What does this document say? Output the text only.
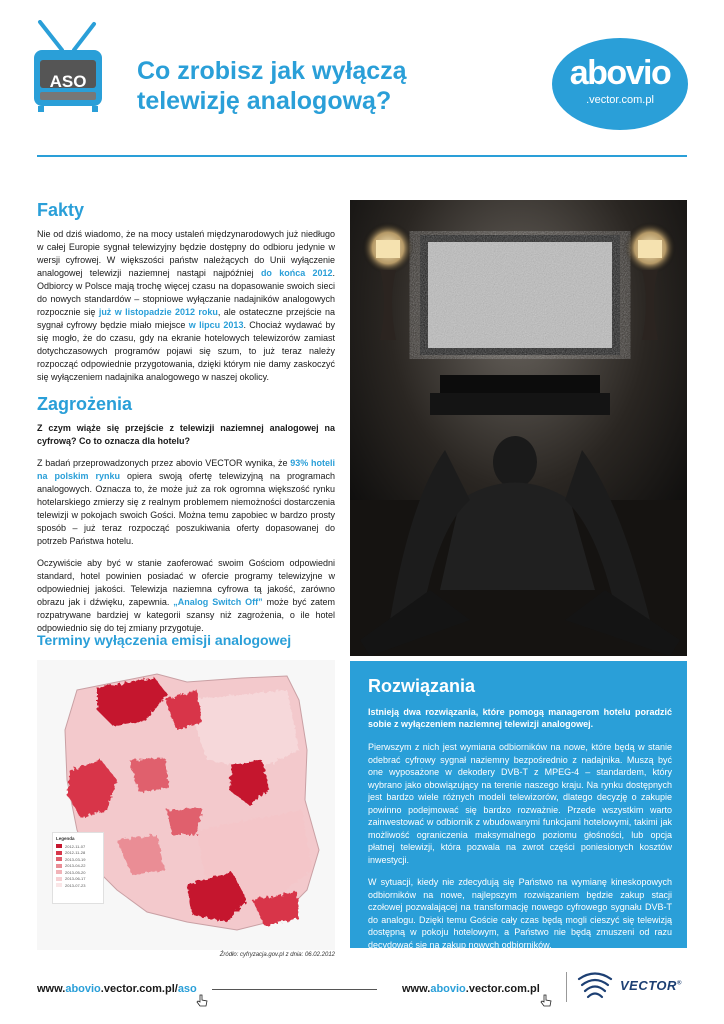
ASO	Co zrobisz jak wyłączą
telewizję analogową?
abovio
.vector.com.pl
Fakty

Nie od dziś wiadomo, że na mocy ustaleń międzynarodowych już niedługo w całej Europie sygnał telewizyjny będzie dostępny do odbioru jedynie w wersji cyfrowej. W większości państw należących do Unii wyłączenie analogowej telewizji naziemnej nastąpi najpóźniej do końca 2012. Odbiorcy w Polsce mają trochę więcej czasu na dopasowanie swoich sieci do nowych standardów – stopniowe wyłączanie nadajników analogowych rozpocznie się już w listopadzie 2012 roku, ale ostateczne przejście na sygnał cyfrowy będzie miało miejsce w lipcu 2013. Chociaż wydawać by się mogło, że do czasu, gdy na ekranie hotelowych telewizorów zamiast dotychczasowych programów pojawi się szum, to już teraz należy rozpocząć odpowiednie przygotowania, dzięki którym nie damy zaskoczyć się wyłączeniem nadajnika analogowego w naszej okolicy.

Zagrożenia

Z czym wiąże się przejście z telewizji naziemnej analogowej na cyfrową? Co to oznacza dla hotelu?

Z badań przeprowadzonych przez abovio VECTOR wynika, że 93% hoteli na polskim rynku opiera swoją ofertę telewizyjną na programach analogowych. Oznacza to, że może już za rok ogromna większość rynku hotelarskiego zmierzy się z realnym problemem niemożności dostarczenia telewizji w pokojach swoich Gości. Można temu zapobiec w bardzo prosty sposób – już teraz rozpocząć poszukiwania oferty dopasowanej do potrzeb Państwa hotelu.

Oczywiście aby być w stanie zaoferować swoim Gościom odpowiedni standard, hotel powinien posiadać w ofercie programy telewizyjne w odpowiedniej jakości. Telewizja naziemna cyfrowa tą jakość, zarówno obrazu jak i dźwięku, zapewnia. „Analog Switch Off” może być zatem rozpatrywane bardziej w kategorii szansy niż zagrożenia, o ile hotel odpowiednio się do tej zmiany przygotuje.

Terminy wyłączenia emisji analogowej
Legenda
2012-11-07
2012-11-28
2013-03-19
2013-04-22
2013-05-20
2013-06-17
2013-07-23
Źródło: cyfryzacja.gov.pl z dnia: 06.02.2012
Rozwiązania
Istnieją dwa rozwiązania, które pomogą managerom hotelu poradzić sobie z wyłączeniem naziemnej telewizji analogowej.

Pierwszym z nich jest wymiana odbiorników na nowe, które będą w stanie odebrać cyfrowy sygnał naziemny bezpośrednio z nadajnika. Muszą być one wyposażone w dekodery DVB-T z MPEG-4 – standardem, który wybrano jako obowiązujący na terenie naszego kraju. Na rynku dostępnych jest bardzo wiele różnych modeli telewizorów, dlatego decyzję o zakupie powinno podejmować się bardzo rozważnie. Przede wszystkim warto zainwestować w odbiornik z wbudowanymi funkcjami hotelowymi, takimi jak możliwość ograniczenia maksymalnego poziomu głośności, lub opcja płatnej telewizji, która pozwala na zwrot części poniesionych kosztów inwestycji.

W sytuacji, kiedy nie zdecydują się Państwo na wymianę kineskopowych odbiorników na nowe, najlepszym rozwiązaniem będzie zakup stacji czołowej pozwalającej na transformację nowego cyfrowego sygnału DVB-T do analogu. Dzięki temu Goście cały czas będą mogli cieszyć się telewizją dostępną w pokoju hotelowym, a Państwo nie będą zmuszeni od razu decydować się na zakup nowych odbiorników.

www.abovio.vector.com.pl/aso	www.abovio.vector.com.pl	VECTOR®
